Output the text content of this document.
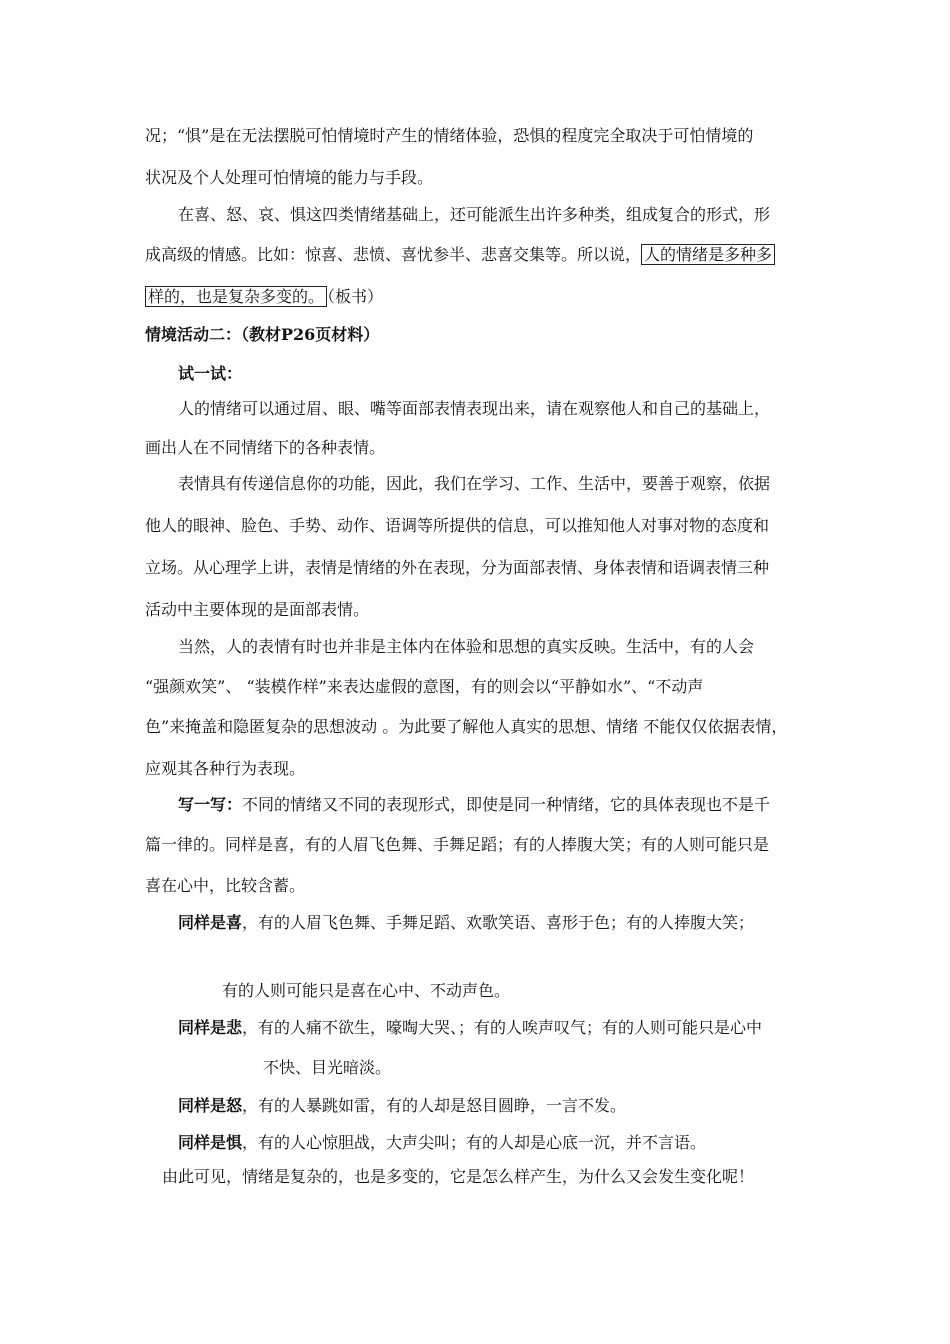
况；“惧”是在无法摆脱可怕情境时产生的情绪体验，恐惧的程度完全取决于可怕情境的
状况及个人处理可怕情境的能力与手段。
在喜、怒、哀、惧这四类情绪基础上，还可能派生出许多种类，组成复合的形式，形
成高级的情感。比如：惊喜、悲愤、喜忧参半、悲喜交集等。所以说， 人的情绪是多种多
样的，也是复杂多变的。 （板书）
情境活动二：（教材P26页材料）
试一试：
人的情绪可以通过眉、眼、嘴等面部表情表现出来，请在观察他人和自己的基础上，
画出人在不同情绪下的各种表情。
表情具有传递信息你的功能，因此，我们在学习、工作、生活中，要善于观察，依据
他人的眼神、脸色、手势、动作、语调等所提供的信息，可以推知他人对事对物的态度和
立场。从心理学上讲，表情是情绪的外在表现，分为面部表情、身体表情和语调表情三种
活动中主要体现的是面部表情。
当然，人的表情有时也并非是主体内在体验和思想的真实反映。生活中，有的人会
“强颜欢笑”、 “装模作样”来表达虚假的意图，有的则会以“平静如水”、“不动声
色”来掩盖和隐匿复杂的思想波动 。为此要了解他人真实的思想、情绪 不能仅仅依据表情，
应观其各种行为表现。
写一写：不同的情绪又不同的表现形式，即使是同一种情绪，它的具体表现也不是千
篇一律的。同样是喜，有的人眉飞色舞、手舞足蹈；有的人捧腹大笑；有的人则可能只是
喜在心中，比较含蓄。
同样是喜，有的人眉飞色舞、手舞足蹈、欢歌笑语、喜形于色；有的人捧腹大笑；
有的人则可能只是喜在心中、不动声色。
同样是悲，有的人痛不欲生，嚎啕大哭、；有的人唉声叹气；有的人则可能只是心中
不快、目光暗淡。
同样是怒，有的人暴跳如雷，有的人却是怒目圆睁，一言不发。
同样是惧，有的人心惊胆战，大声尖叫；有的人却是心底一沉，并不言语。
由此可见，情绪是复杂的，也是多变的，它是怎么样产生，为什么又会发生变化呢！
